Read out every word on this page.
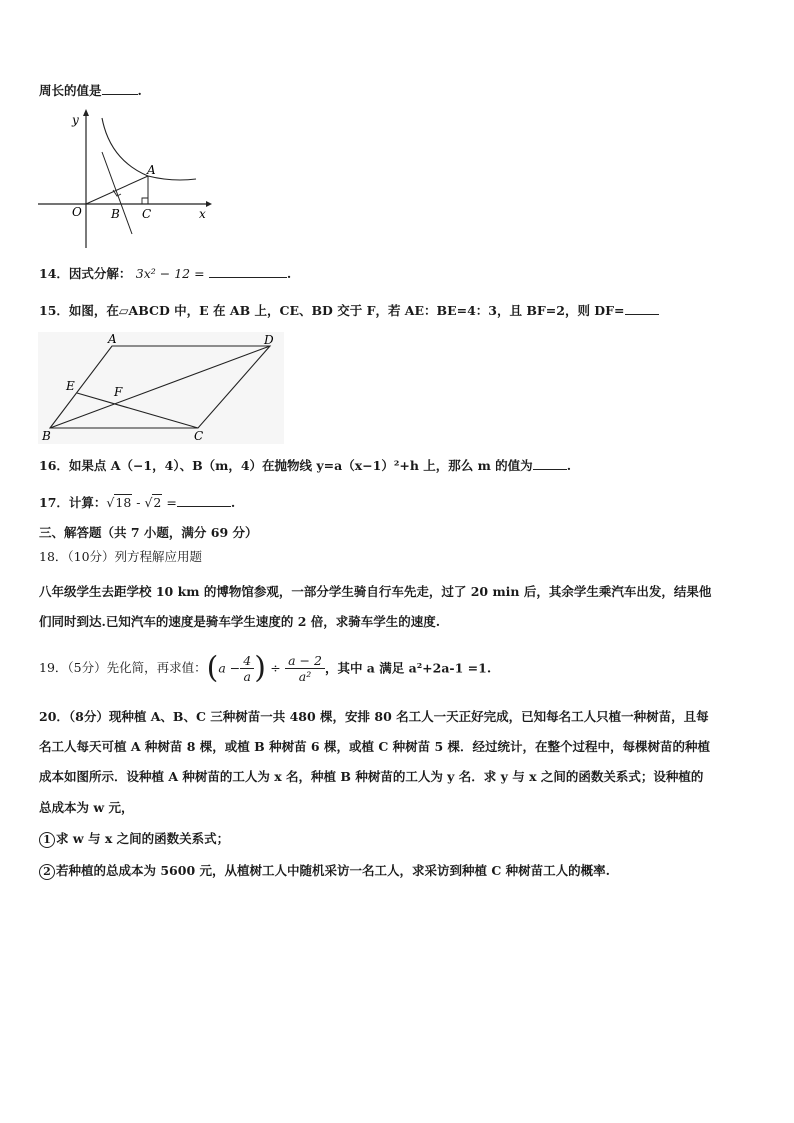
周长的值是	.
y
x
O
A
B C
14．因式分解： 3x² − 12 =	.
15．如图，在▱ABCD 中，E 在 AB 上，CE、BD 交于 F，若 AE：BE=4：3，且 BF=2，则 DF=
A	D
E	F
B	C
16．如果点 A（−1，4）、B（m，4）在抛物线 y=a（x−1）²+h 上，那么 m 的值为	.
17．计算：√18 - √2 =	.
三、解答题（共 7 小题，满分 69 分）
18．（10分）列方程解应用题
八年级学生去距学校 10 km 的博物馆参观，一部分学生骑自行车先走，过了 20 min 后，其余学生乘汽车出发，结果他
们同时到达.已知汽车的速度是骑车学生速度的 2 倍，求骑车学生的速度.
19．（5分）先化简，再求值：($a - \frac{4}{a}$ ) ÷ $\frac{a - 2}{\text{a²}}$ ，其中 a 满足 a²+2a-1 =1.
20．（8分）现种植 A、B、C 三种树苗一共 480 棵，安排 80 名工人一天正好完成，已知每名工人只植一种树苗，且每
名工人每天可植 A 种树苗 8 棵，或植 B 种树苗 6 棵，或植 C 种树苗 5 棵．经过统计，在整个过程中，每棵树苗的种植
成本如图所示．设种植 A 种树苗的工人为 x 名，种植 B 种树苗的工人为 y 名．求 y 与 x 之间的函数关系式；设种植的
总成本为 w 元，
1 求 w 与 x 之间的函数关系式；
2 若种植的总成本为 5600 元，从植树工人中随机采访一名工人，求采访到种植 C 种树苗工人的概率.
